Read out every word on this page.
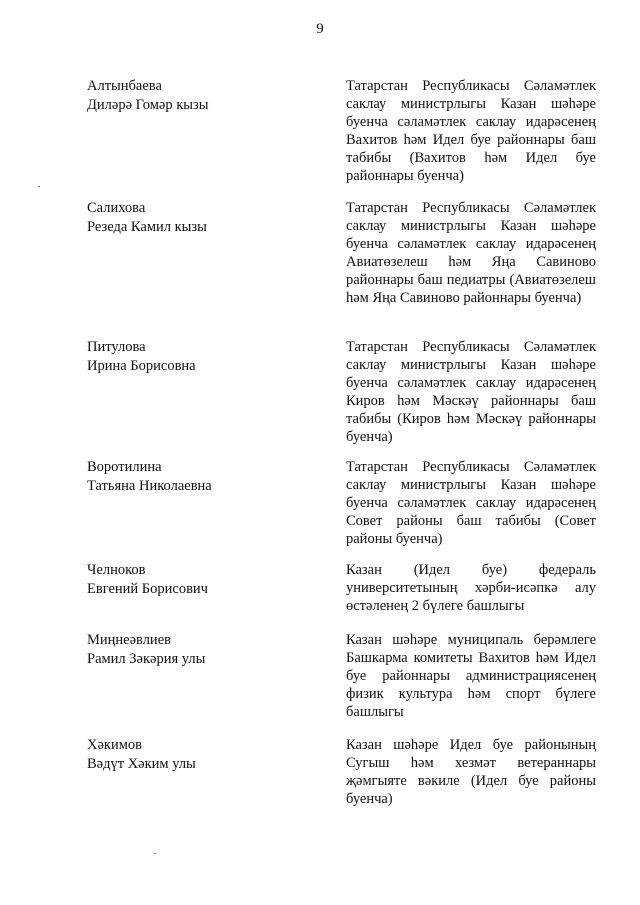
9
Алтынбаева
Диләрә Гомәр кызы
Татарстан Республикасы Сәламәтлек саклау министрлыгы Казан шәһәре буенча сәламәтлек саклау идарәсенең Вахитов һәм Идел буе районнары баш табибы (Вахитов һәм Идел буе районнары буенча)
Салихова
Резеда Камил кызы
Татарстан Республикасы Сәламәтлек саклау министрлыгы Казан шәһәре буенча сәламәтлек саклау идарәсенең Авиатөзелеш һәм Яңа Савиново районнары баш педиатры (Авиатөзелеш һәм Яңа Савиново районнары буенча)
Питулова
Ирина Борисовна
Татарстан Республикасы Сәламәтлек саклау министрлыгы Казан шәһәре буенча сәламәтлек саклау идарәсенең Киров һәм Мәскәү районнары баш табибы (Киров һәм Мәскәү районнары буенча)
Воротилина
Татьяна Николаевна
Татарстан Республикасы Сәламәтлек саклау министрлыгы Казан шәһәре буенча сәламәтлек саклау идарәсенең Совет районы баш табибы (Совет районы буенча)
Челноков
Евгений Борисович
Казан (Идел буе) федераль университетының хәрби-исәпкә алу өстәленең 2 бүлеге башлыгы
Миңнеәвлиев
Рамил Зәкәрия улы
Казан шәһәре муниципаль берәмлеге Башкарма комитеты Вахитов һәм Идел буе районнары администрациясенең физик культура һәм спорт бүлеге башлыгы
Хәкимов
Вәдүт Хәким улы
Казан шәһәре Идел буе районының Сугыш һәм хезмәт ветераннары җәмгыяте вәкиле (Идел буе районы буенча)
